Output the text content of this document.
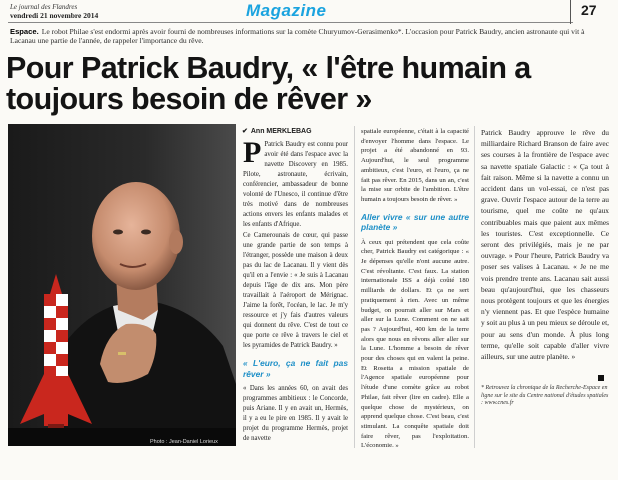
Le journal des Flandres
vendredi 21 novembre 2014	Magazine	27
Espace. Le robot Philae s'est endormi après avoir fourni de nombreuses informations sur la comète Churyumov-Gerasimenko*. L'occasion pour Patrick Baudry, ancien astronaute qui vit à Lacanau une partie de l'année, de rappeler l'importance du rêve.
Pour Patrick Baudry, « l'être humain a toujours besoin de rêver »
Photo : Jean-Daniel Lorieux
✔ Ann MERKLEBAG

P Patrick Baudry est connu pour avoir été dans l'espace avec la navette Discovery en 1985. Pilote, astronaute, écrivain, conférencier, ambassadeur de bonne volonté de l'Unesco, il continue d'être très motivé dans de nombreuses actions envers les enfants malades et les enfants d'Afrique.

Ce Camerounais de cœur, qui passe une grande partie de son temps à l'étranger, possède une maison à deux pas du lac de Lacanau. Il y vient dès qu'il en a l'envie : « Je suis à Lacanau depuis l'âge de dix ans. Mon père travaillait à l'aéroport de Mérignac. J'aime la forêt, l'océan, le lac. Je m'y ressource et j'y fais d'autres valeurs qui donnent du rêve. C'est de tout ce que porte ce rêve à travers le ciel et les pyramides de Patrick Baudry. »

« L'euro, ça ne fait pas rêver »

« Dans les années 60, on avait des programmes ambitieux : le Concorde, puis Ariane. Il y en avait un, Hermès, il y a eu le pire en 1985. Il y avait le projet du programme Hermès, projet de navette

spatiale européenne, c'était à la capacité d'envoyer l'homme dans l'espace. Le projet a été abandonné en 93. Aujourd'hui, le seul programme ambitieux, c'est l'euro, et l'euro, ça ne fait pas rêver. En 2015, dans un an, c'est la mise sur orbite de l'ambition. L'être humain a toujours besoin de rêver. »

Aller vivre « sur une autre planète »

À ceux qui prétendent que cela coûte cher, Patrick Baudry est catégorique : « Je dépenses qu'elle n'ont aucune autre. C'est révoltante. C'est faux. La station internationale ISS a déjà coûté 180 milliards de dollars. Et ça ne sert pratiquement à rien. Avec un même budget, on pourrait aller sur Mars et aller sur la Lune. Comment on ne sait pas ? Aujourd'hui, 400 km de la terre alors que nous en rêvons aller aller sur la Lune. L'homme a besoin de rêver pour des choses qui en valent la peine. Et Rosetta a mission spatiale de l'Agence spatiale européenne pour l'étude d'une comète grâce au robot Philae, fait rêver (lire en cadre). Elle a quelque chose de mystérieux, on apprend quelque chose. C'est beau, c'est stimulant. La conquête spatiale doit faire rêver, pas l'exploitation. L'économie. »

Patrick Baudry approuve le rêve du milliardaire Richard Branson de faire avec ses courses à la frontière de l'espace avec sa navette spatiale Galactic : « Ça tout à fait raison. Même si la navette a connu un accident dans un vol-essai, ce n'est pas grave. Ouvrir l'espace autour de la terre au tourisme, quel me coûte ne qu'aux contribuables mais que paient aux mêmes les touristes. C'est exceptionnelle. Ce seront des privilégiés, mais je ne par ouvrage. » Pour l'heure, Patrick Baudry va poser ses valises à Lacanau. « Je ne me vois prendre trente ans. Lacanau sait aussi beau qu'aujourd'hui, que les chasseurs nous protègent toujours et que les énergies n'y viennent pas. Et que l'espèce humaine y soit au plus à un peu mieux se déroule et, pour au sens d'un monde. À plus long terme, qu'elle soit capable d'aller vivre ailleurs, sur une autre planète. »

* Retrouvez la chronique de la Recherche-Espace en ligne sur le site du Centre national d'études spatiales : www.cnes.fr
